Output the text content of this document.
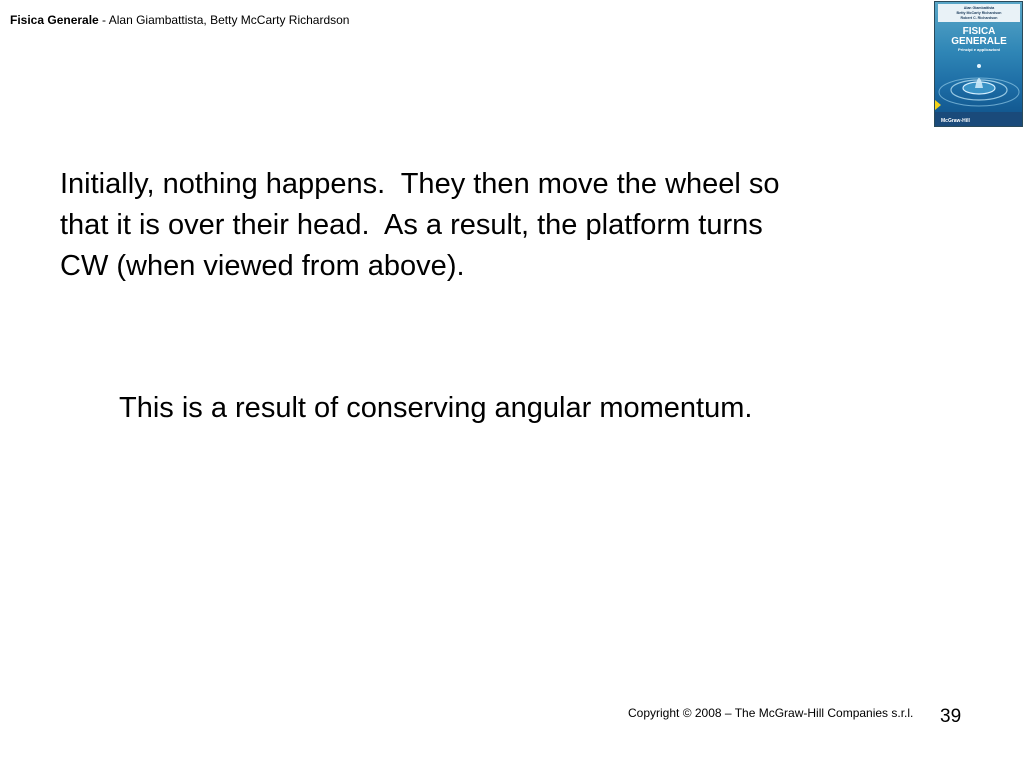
Fisica Generale - Alan Giambattista, Betty McCarty Richardson
Alan Giambattista
Betty McCarty Richardson
Robert C. Richardson
FISICA
GENERALE
Principi e applicazioni
McGraw-Hill
Initially, nothing happens.  They then move the wheel so
that it is over their head.  As a result, the platform turns
CW (when viewed from above).

This is a result of conserving angular momentum.

Copyright © 2008 – The McGraw-Hill Companies s.r.l. 39
